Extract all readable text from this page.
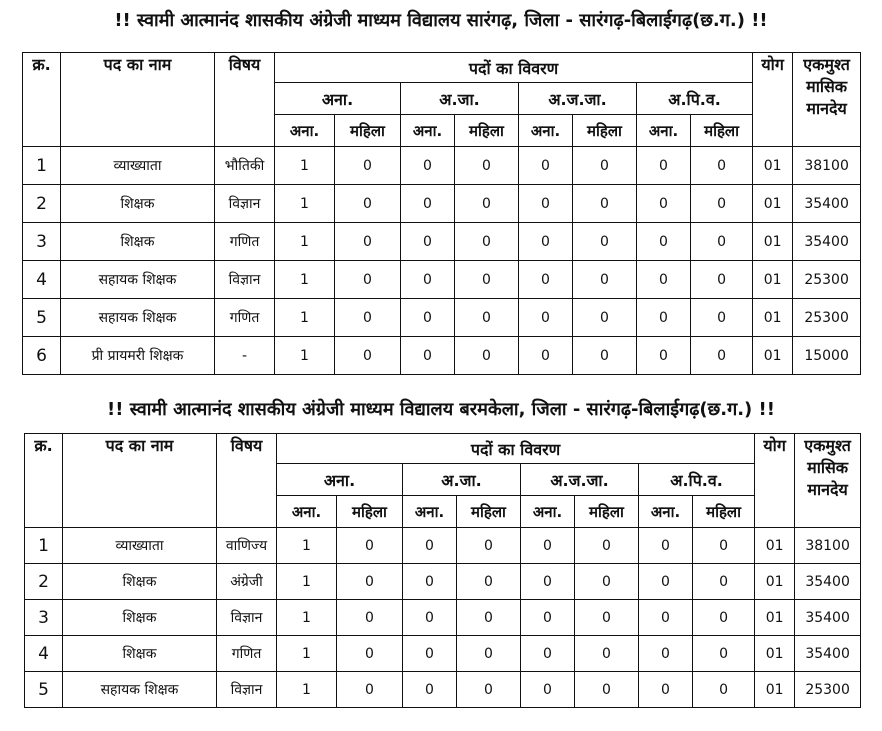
!! स्वामी आत्मानंद शासकीय अंग्रेजी माध्यम विद्यालय सारंगढ़, जिला - सारंगढ़-बिलाईगढ़(छ.ग.) !!
क्र.	पद का नाम	विषय	पदों का विवरण								योग	एकमुश्त
मासिक
मानदेय

			अना.		अ.जा.		अ.ज.जा.		अ.पि.व.			
			अना.	महिला	अना.	महिला	अना.	महिला	अना.	महिला		
1	व्याख्याता	भौतिकी	1	0	0	0	0	0	0	0	01	38100
2	शिक्षक	विज्ञान	1	0	0	0	0	0	0	0	01	35400
3	शिक्षक	गणित	1	0	0	0	0	0	0	0	01	35400
4	सहायक शिक्षक	विज्ञान	1	0	0	0	0	0	0	0	01	25300
5	सहायक शिक्षक	गणित	1	0	0	0	0	0	0	0	01	25300
6	प्री प्रायमरी शिक्षक	-	1	0	0	0	0	0	0	0	01	15000
!! स्वामी आत्मानंद शासकीय अंग्रेजी माध्यम विद्यालय बरमकेला, जिला - सारंगढ़-बिलाईगढ़(छ.ग.) !!
क्र.	पद का नाम	विषय	पदों का विवरण								योग	एकमुश्त
मासिक
मानदेय

			अना.		अ.जा.		अ.ज.जा.		अ.पि.व.			
			अना.	महिला	अना.	महिला	अना.	महिला	अना.	महिला		
1	व्याख्याता	वाणिज्य	1	0	0	0	0	0	0	0	01	38100
2	शिक्षक	अंग्रेजी	1	0	0	0	0	0	0	0	01	35400
3	शिक्षक	विज्ञान	1	0	0	0	0	0	0	0	01	35400
4	शिक्षक	गणित	1	0	0	0	0	0	0	0	01	35400
5	सहायक शिक्षक	विज्ञान	1	0	0	0	0	0	0	0	01	25300
